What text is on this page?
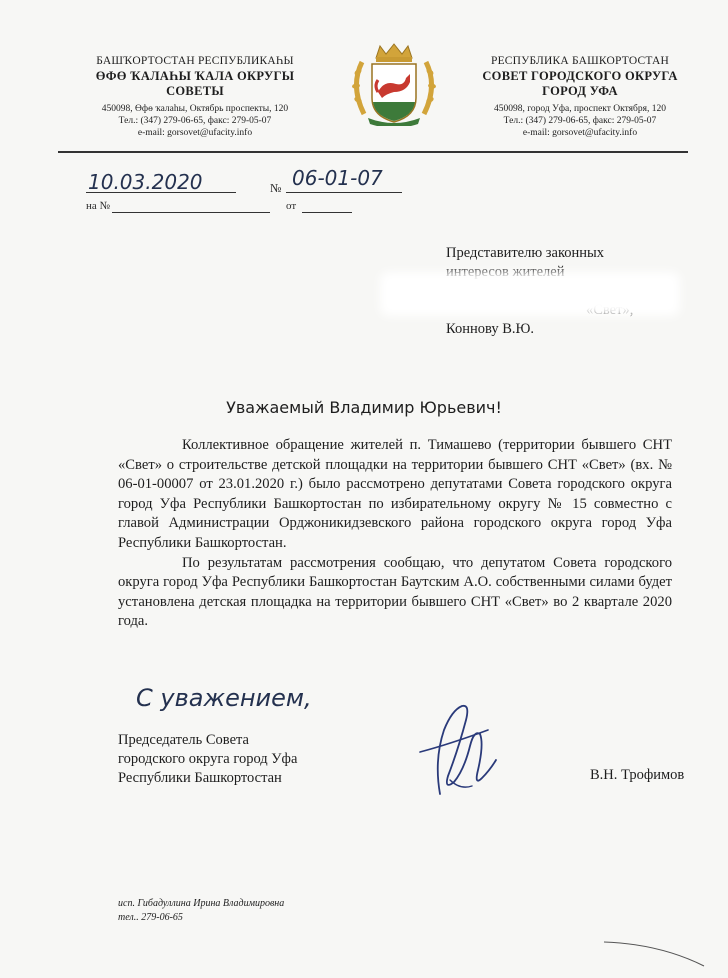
БАШҠОРТОСТАН РЕСПУБЛИКАҺЫ
ӨФӨ ҠАЛАҺЫ ҠАЛА ОКРУГЫ
СОВЕТЫ
450098, Өфө ҡалаһы, Октябрь проспекты, 120
Тел.: (347) 279-06-65, факс: 279-05-07
e-mail: gorsovet@ufacity.info
РЕСПУБЛИКА БАШКОРТОСТАН
СОВЕТ ГОРОДСКОГО ОКРУГА
ГОРОД УФА
450098, город Уфа, проспект Октября, 120
Тел.: (347) 279-06-65, факс: 279-05-07
e-mail: gorsovet@ufacity.info
10.03.2020	№ 06-01-07
на №	от
Представителю законных
Коннову В.Ю.
Уважаемый Владимир Юрьевич!

Коллективное обращение жителей п. Тимашево (территории бывшего СНТ «Свет» о строительстве детской площадки на территории бывшего СНТ «Свет» (вх. № 06-01-00007 от 23.01.2020 г.) было рассмотрено депутатами Совета городского округа город Уфа Республики Башкортостан по избирательному округу № 15 совместно с главой Администрации Орджоникидзевского района городского округа город Уфа Республики Башкортостан.

По результатам рассмотрения сообщаю, что депутатом Совета городского округа город Уфа Республики Башкортостан Баутским А.О. собственными силами будет установлена детская площадка на территории бывшего СНТ «Свет» во 2 квартале 2020 года.

С уважением,
Председатель Совета
городского округа город Уфа
Республики Башкортостан	В.Н. Трофимов
исп. Гибадуллина Ирина Владимировна
тел.. 279-06-65
